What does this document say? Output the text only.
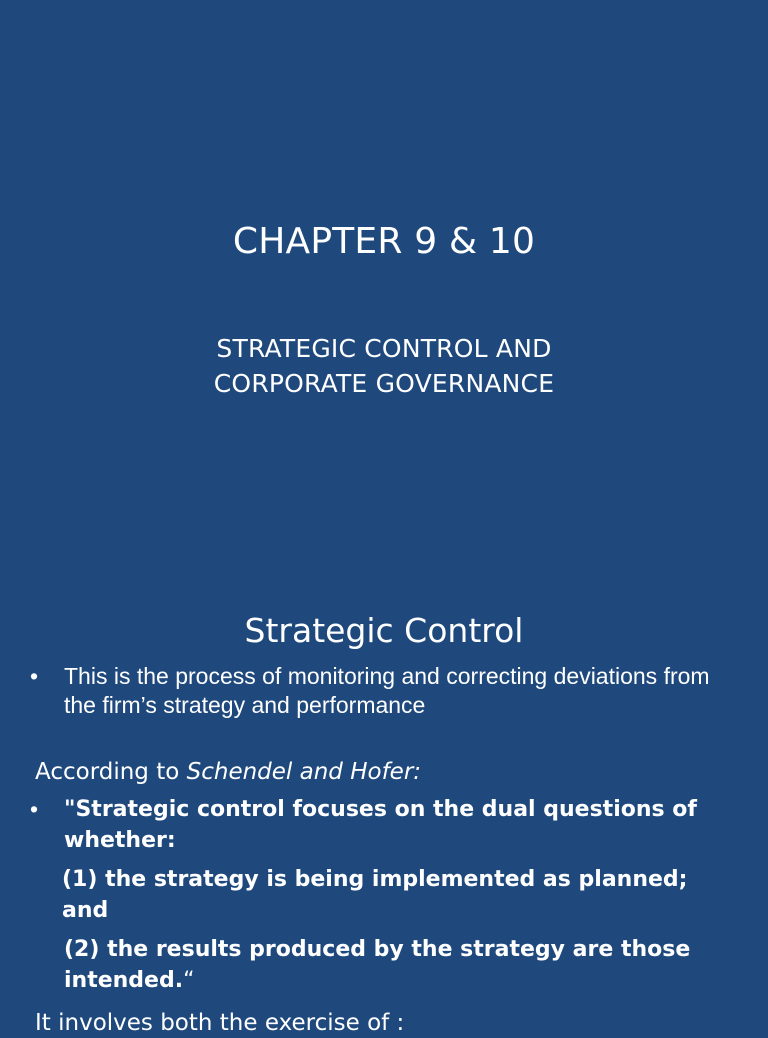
CHAPTER 9 & 10
STRATEGIC CONTROL AND
CORPORATE GOVERNANCE
Strategic Control
•	This is the process of monitoring and correcting deviations from the firm’s strategy and performance
According to Schendel and Hofer:
•	"Strategic control focuses on the dual questions of whether:
(1) the strategy is being implemented as planned; and
(2) the results produced by the strategy are those
intended.“
It involves both the exercise of :
